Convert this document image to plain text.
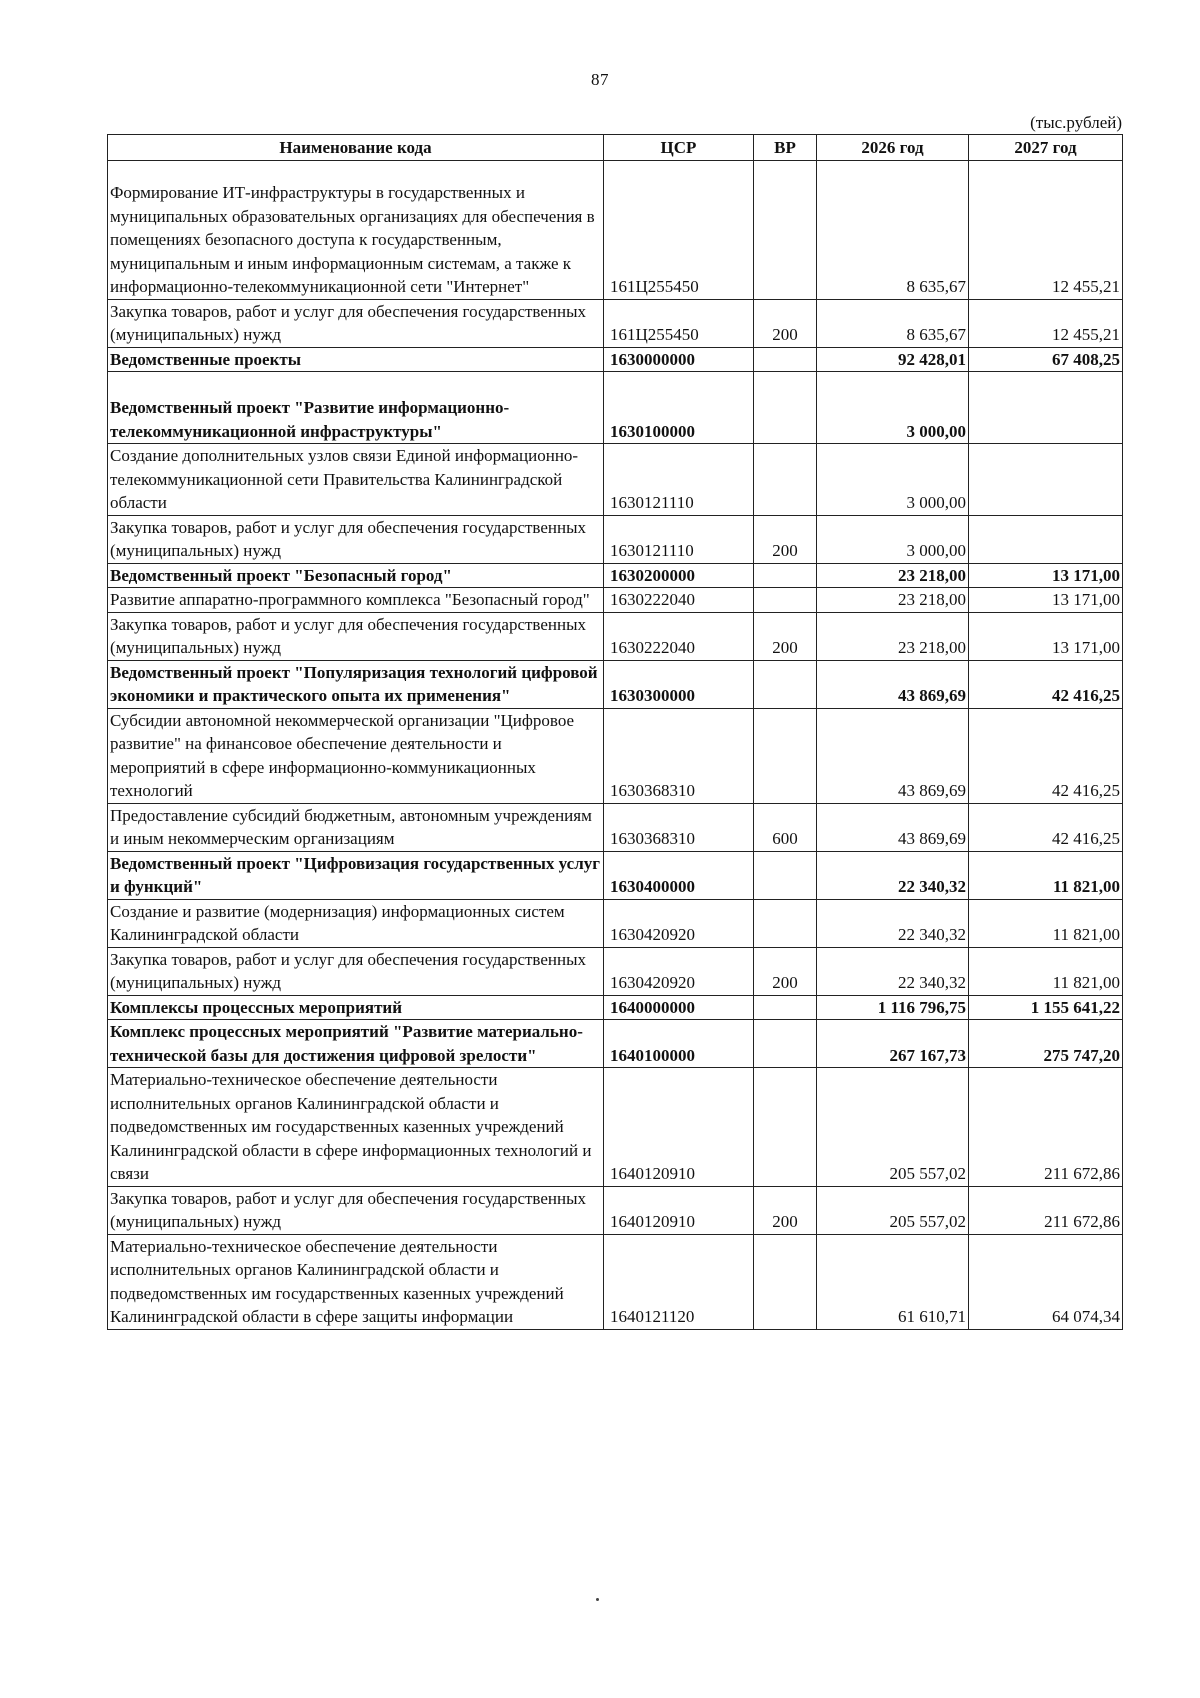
87
(тыс.рублей)
Наименование кода	ЦСР	ВР	2026 год	2027 год
Формирование ИТ-инфраструктуры в государственных и муниципальных образовательных организациях для обеспечения в помещениях безопасного доступа к государственным, муниципальным и иным информационным системам, а также к информационно-телекоммуникационной сети "Интернет"	161Ц255450		8 635,67	12 455,21
Закупка товаров, работ и услуг для обеспечения государственных (муниципальных) нужд	161Ц255450	200	8 635,67	12 455,21
Ведомственные проекты	1630000000		92 428,01	67 408,25
Ведомственный проект "Развитие информационно-телекоммуникационной инфраструктуры"	1630100000		3 000,00	
Создание дополнительных узлов связи Единой информационно-телекоммуникационной сети Правительства Калининградской области	1630121110		3 000,00	
Закупка товаров, работ и услуг для обеспечения государственных (муниципальных) нужд	1630121110	200	3 000,00	
Ведомственный проект "Безопасный город"	1630200000		23 218,00	13 171,00
Развитие аппаратно-программного комплекса "Безопасный город"	1630222040		23 218,00	13 171,00
Закупка товаров, работ и услуг для обеспечения государственных (муниципальных) нужд	1630222040	200	23 218,00	13 171,00
Ведомственный проект "Популяризация технологий цифровой экономики и практического опыта их применения"	1630300000		43 869,69	42 416,25
Субсидии автономной некоммерческой организации "Цифровое развитие" на финансовое обеспечение деятельности и мероприятий в сфере информационно-коммуникационных технологий	1630368310		43 869,69	42 416,25
Предоставление субсидий бюджетным, автономным учреждениям и иным некоммерческим организациям	1630368310	600	43 869,69	42 416,25
Ведомственный проект "Цифровизация государственных услуг и функций"	1630400000		22 340,32	11 821,00
Создание и развитие (модернизация) информационных систем Калининградской области	1630420920		22 340,32	11 821,00
Закупка товаров, работ и услуг для обеспечения государственных (муниципальных) нужд	1630420920	200	22 340,32	11 821,00
Комплексы процессных мероприятий	1640000000		1 116 796,75	1 155 641,22
Комплекс процессных мероприятий "Развитие материально-технической базы для достижения цифровой зрелости"	1640100000		267 167,73	275 747,20
Материально-техническое обеспечение деятельности исполнительных органов Калининградской области и подведомственных им государственных казенных учреждений Калининградской области в сфере информационных технологий и связи	1640120910		205 557,02	211 672,86
Закупка товаров, работ и услуг для обеспечения государственных (муниципальных) нужд	1640120910	200	205 557,02	211 672,86
Материально-техническое обеспечение деятельности исполнительных органов Калининградской области и подведомственных им государственных казенных учреждений Калининградской области в сфере защиты информации	1640121120		61 610,71	64 074,34
